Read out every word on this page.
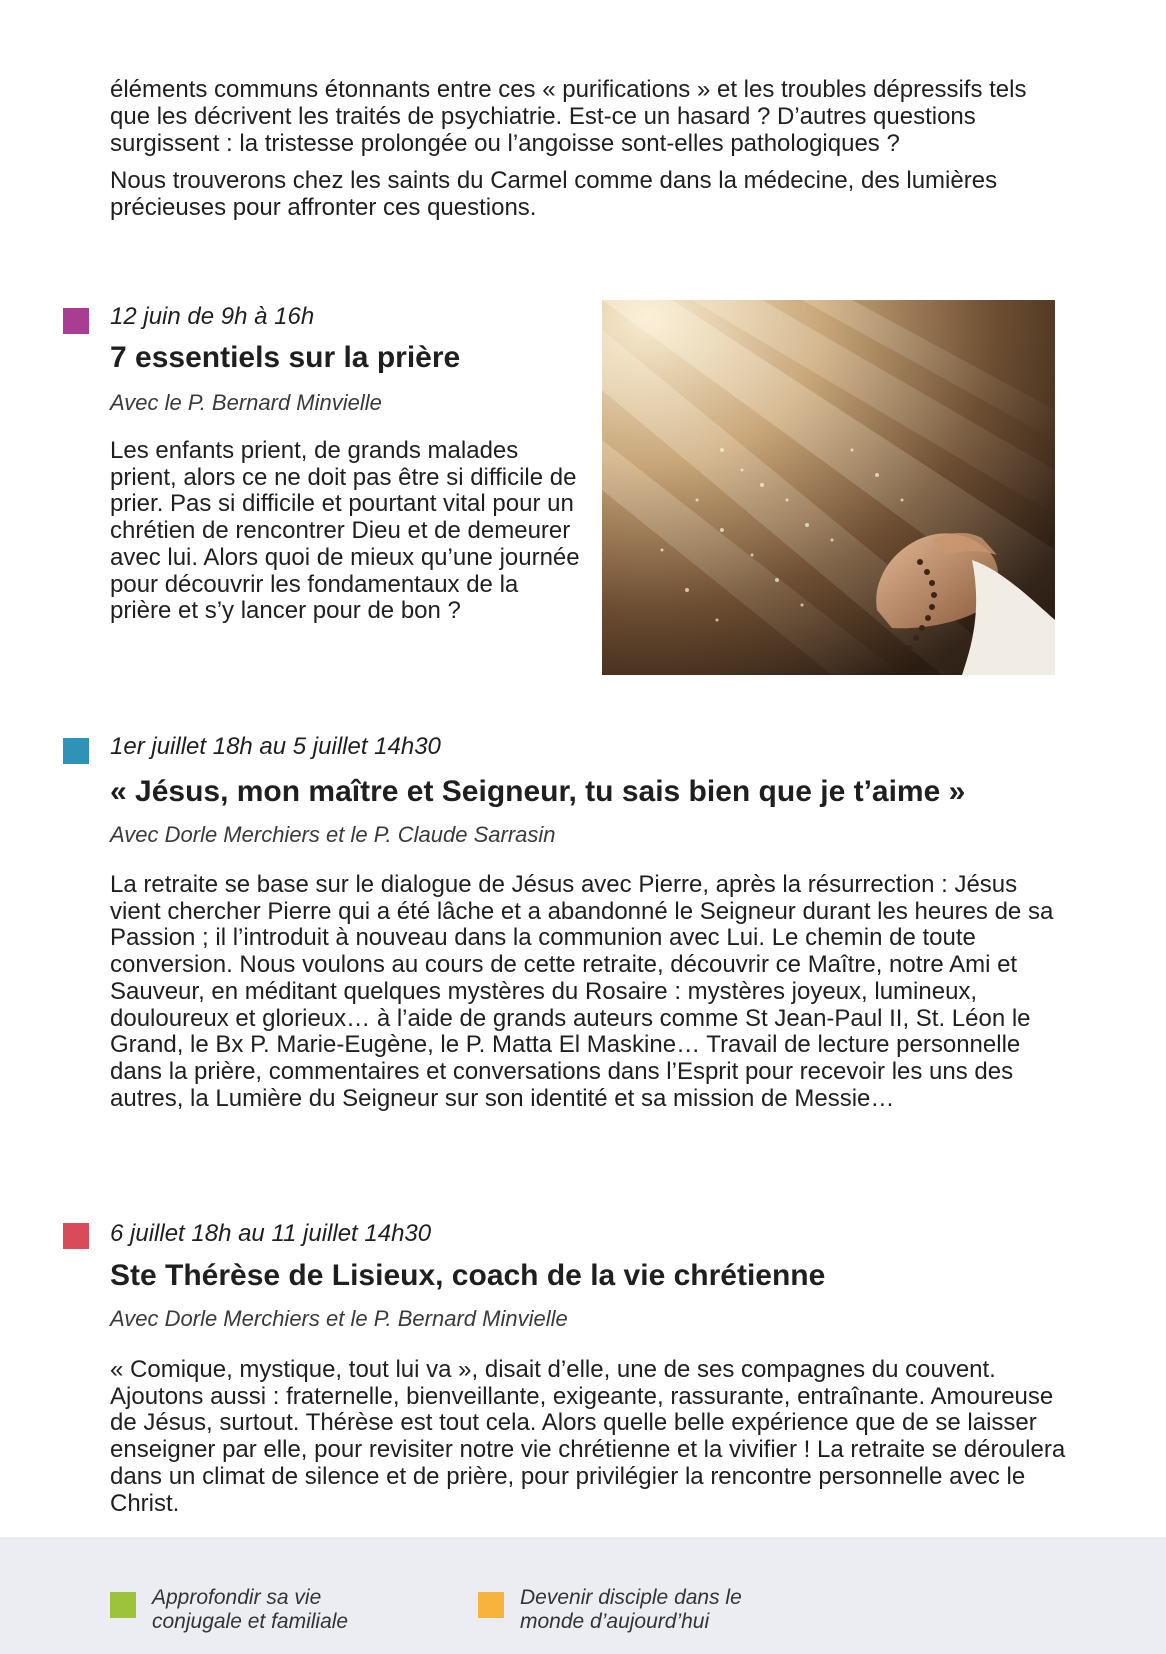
éléments communs étonnants entre ces « purifications » et les troubles dépressifs tels que les décrivent les traités de psychiatrie. Est-ce un hasard ? D’autres questions surgissent : la tristesse prolongée ou l’angoisse sont-elles pathologiques ?

Nous trouverons chez les saints du Carmel comme dans la médecine, des lumières précieuses pour affronter ces questions.

12 juin de 9h à 16h
7 essentiels sur la prière
Avec le P. Bernard Minvielle

Les enfants prient, de grands malades prient, alors ce ne doit pas être si difficile de prier. Pas si difficile et pourtant vital pour un chrétien de rencontrer Dieu et de demeurer avec lui. Alors quoi de mieux qu’une journée pour découvrir les fondamentaux de la prière et s’y lancer pour de bon ?

1er juillet 18h au 5 juillet 14h30
« Jésus, mon maître et Seigneur, tu sais bien que je t’aime »
Avec Dorle Merchiers et le P. Claude Sarrasin

La retraite se base sur le dialogue de Jésus avec Pierre, après la résurrection : Jésus vient chercher Pierre qui a été lâche et a abandonné le Seigneur durant les heures de sa Passion ; il l’introduit à nouveau dans la communion avec Lui. Le chemin de toute conversion. Nous voulons au cours de cette retraite, découvrir ce Maître, notre Ami et Sauveur, en méditant quelques mystères du Rosaire : mystères joyeux, lumineux, douloureux et glorieux… à l’aide de grands auteurs comme St Jean-Paul II, St. Léon le Grand, le Bx P. Marie-Eugène, le P. Matta El Maskine… Travail de lecture personnelle dans la prière, commentaires et conversations dans l’Esprit pour recevoir les uns des autres, la Lumière du Seigneur sur son identité et sa mission de Messie…

6 juillet 18h au 11 juillet 14h30
Ste Thérèse de Lisieux, coach de la vie chrétienne
Avec Dorle Merchiers et le P. Bernard Minvielle

« Comique, mystique, tout lui va », disait d’elle, une de ses compagnes du couvent. Ajoutons aussi : fraternelle, bienveillante, exigeante, rassurante, entraînante. Amoureuse de Jésus, surtout. Thérèse est tout cela. Alors quelle belle expérience que de se laisser enseigner par elle, pour revisiter notre vie chrétienne et la vivifier ! La retraite se déroulera dans un climat de silence et de prière, pour privilégier la rencontre personnelle avec le Christ.

Approfondir sa vie conjugale et familiale
Devenir disciple dans le monde d’aujourd’hui
